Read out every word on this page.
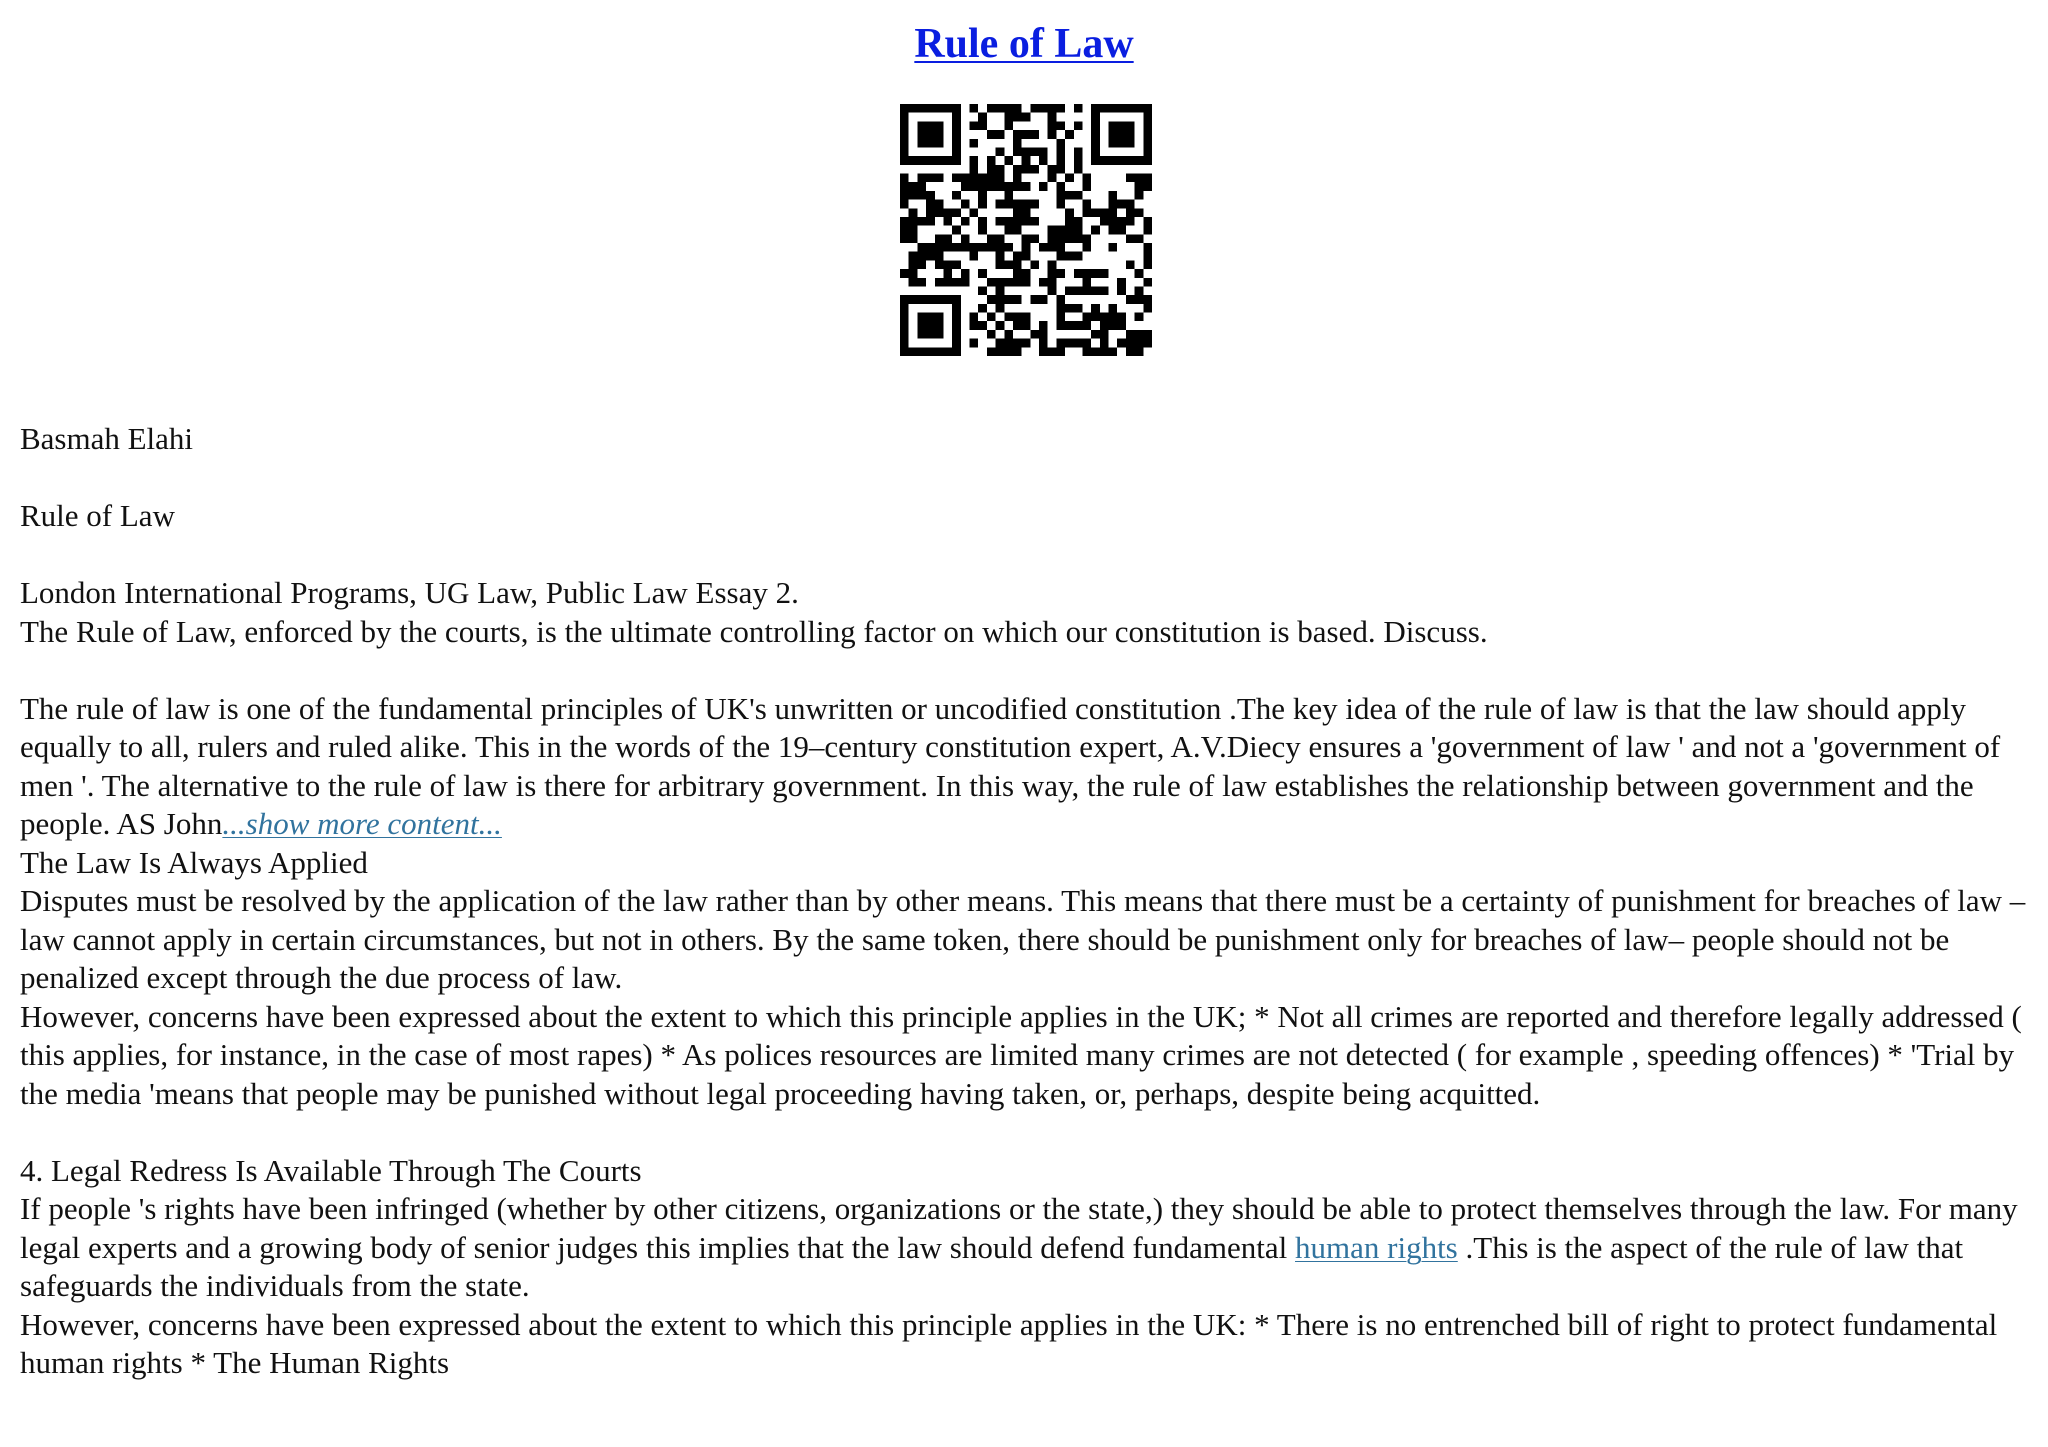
Rule of Law

Basmah Elahi

Rule of Law

London International Programs, UG Law, Public Law Essay 2.

The Rule of Law, enforced by the courts, is the ultimate controlling factor on which our constitution is based. Discuss.

The rule of law is one of the fundamental principles of UK's unwritten or uncodified constitution .The key idea of the rule of law is that the law should apply equally to all, rulers and ruled alike. This in the words of the 19–century constitution expert, A.V.Diecy ensures a 'government of law ' and not a 'government of men '. The alternative to the rule of law is there for arbitrary government. In this way, the rule of law establishes the relationship between government and the people. AS John...show more content...

The Law Is Always Applied

Disputes must be resolved by the application of the law rather than by other means. This means that there must be a certainty of punishment for breaches of law –law cannot apply in certain circumstances, but not in others. By the same token, there should be punishment only for breaches of law– people should not be penalized except through the due process of law.

However, concerns have been expressed about the extent to which this principle applies in the UK; * Not all crimes are reported and therefore legally addressed ( this applies, for instance, in the case of most rapes) * As polices resources are limited many crimes are not detected ( for example , speeding offences) * 'Trial by the media 'means that people may be punished without legal proceeding having taken, or, perhaps, despite being acquitted.

4. Legal Redress Is Available Through The Courts

If people 's rights have been infringed (whether by other citizens, organizations or the state,) they should be able to protect themselves through the law. For many legal experts and a growing body of senior judges this implies that the law should defend fundamental human rights .This is the aspect of the rule of law that safeguards the individuals from the state.

However, concerns have been expressed about the extent to which this principle applies in the UK: * There is no entrenched bill of right to protect fundamental human rights * The Human Rights
